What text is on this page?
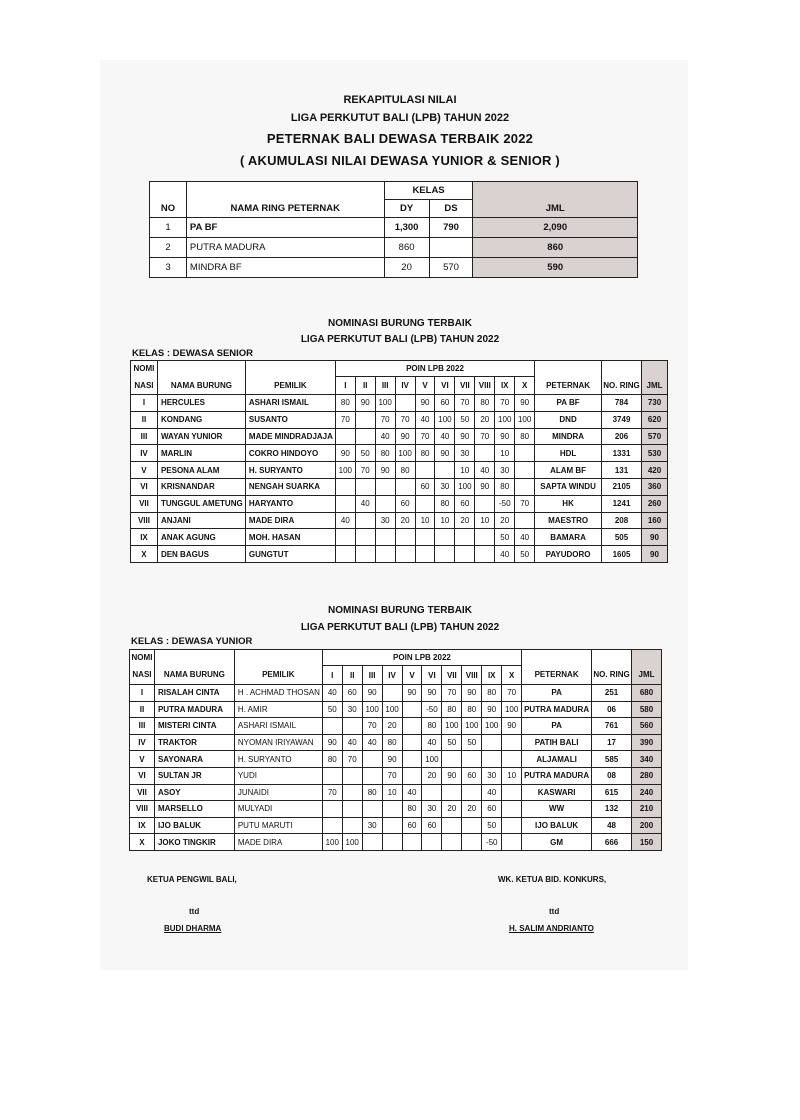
REKAPITULASI NILAI
LIGA PERKUTUT BALI (LPB) TAHUN 2022
PETERNAK BALI DEWASA TERBAIK 2022
( AKUMULASI NILAI DEWASA YUNIOR & SENIOR )
		KELAS		
NO	NAMA RING PETERNAK	DY	DS	JML
1	PA BF	1,300	790	2,090
2	PUTRA MADURA	860		860
3	MINDRA BF	20	570	590
NOMINASI BURUNG TERBAIK
LIGA PERKUTUT BALI (LPB) TAHUN 2022
KELAS : DEWASA SENIOR
NOMI			POIN LPB 2022												
NASI	NAMA BURUNG	PEMILIK	I	II	III	IV	V	VI	VII	VIII	IX	X	PETERNAK	NO. RING	JML
I	HERCULES	ASHARI ISMAIL	80	90	100		90	60	70	80	70	90	PA BF	784	730
II	KONDANG	SUSANTO	70		70	70	40	100	50	20	100	100	DND	3749	620
III	WAYAN YUNIOR	MADE MINDRADJAJA			40	90	70	40	90	70	90	80	MINDRA	206	570
IV	MARLIN	COKRO HINDOYO	90	50	80	100	80	90	30		10		HDL	1331	530
V	PESONA ALAM	H. SURYANTO	100	70	90	80			10	40	30		ALAM BF	131	420
VI	KRISNANDAR	NENGAH SUARKA					60	30	100	90	80		SAPTA WINDU	2105	360
VII	TUNGGUL AMETUNG	HARYANTO		40		60		80	60		-50	70	HK	1241	260
VIII	ANJANI	MADE DIRA	40		30	20	10	10	20	10	20		MAESTRO	208	160
IX	ANAK AGUNG	MOH. HASAN									50	40	BAMARA	505	90
X	DEN BAGUS	GUNGTUT									40	50	PAYUDORO	1605	90
NOMINASI BURUNG TERBAIK
LIGA PERKUTUT BALI (LPB) TAHUN 2022
KELAS : DEWASA YUNIOR
NOMI			POIN LPB 2022												
NASI	NAMA BURUNG	PEMILIK	I	II	III	IV	V	VI	VII	VIII	IX	X	PETERNAK	NO. RING	JML
I	RISALAH CINTA	H . ACHMAD THOSAN	40	60	90		90	90	70	90	80	70	PA	251	680
II	PUTRA MADURA	H. AMIR	50	30	100	100		-50	80	80	90	100	PUTRA MADURA	06	580
III	MISTERI CINTA	ASHARI ISMAIL			70	20		80	100	100	100	90	PA	761	560
IV	TRAKTOR	NYOMAN IRIYAWAN	90	40	40	80		40	50	50			PATIH BALI	17	390
V	SAYONARA	H. SURYANTO	80	70		90		100					ALJAMALI	585	340
VI	SULTAN JR	YUDI				70		20	90	60	30	10	PUTRA MADURA	08	280
VII	ASOY	JUNAIDI	70		80	10	40				40		KASWARI	615	240
VIII	MARSELLO	MULYADI					80	30	20	20	60		WW	132	210
IX	IJO BALUK	PUTU MARUTI			30		60	60			50		IJO BALUK	48	200
X	JOKO TINGKIR	MADE DIRA	100	100							-50		GM	666	150
KETUA PENGWIL BALI,
ttd
BUDI DHARMA
WK. KETUA BID. KONKURS,
ttd
H. SALIM ANDRIANTO
